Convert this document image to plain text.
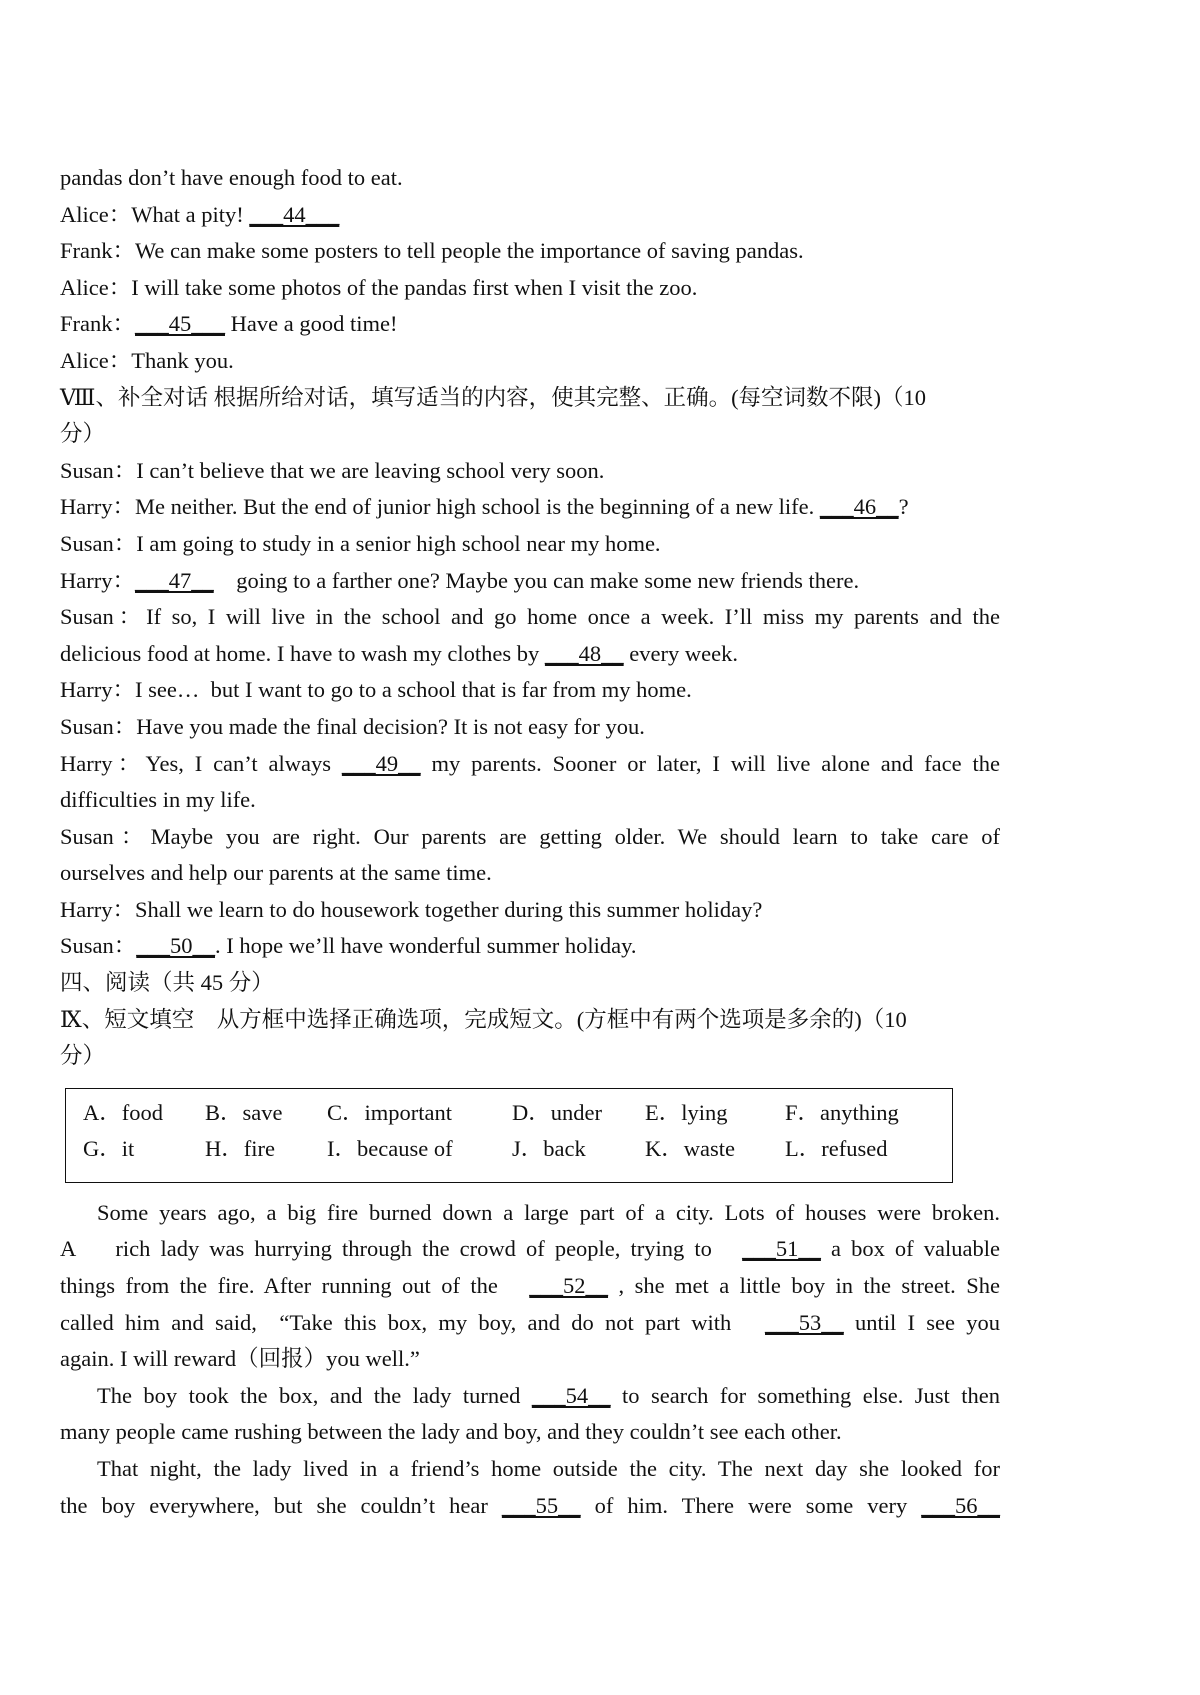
pandas don’t have enough food to eat.
Alice：What a pity! ___44___
Frank：We can make some posters to tell people the importance of saving pandas.
Alice：I will take some photos of the pandas first when I visit the zoo.
Frank：___45___ Have a good time!
Alice：Thank you.
Ⅷ、补全对话 根据所给对话，填写适当的内容，使其完整、正确。(每空词数不限)（10
分）
Susan：I can’t believe that we are leaving school very soon.
Harry：Me neither. But the end of junior high school is the beginning of a new life. ___46__?
Susan：I am going to study in a senior high school near my home.
Harry：___47__    going to a farther one? Maybe you can make some new friends there.
Susan：If so, I will live in the school and go home once a week. I’ll miss my parents and the
delicious food at home. I have to wash my clothes by ___48__ every week.
Harry：I see…  but I want to go to a school that is far from my home.
Susan：Have you made the final decision? It is not easy for you.
Harry：Yes, I can’t always ___49__ my parents. Sooner or later, I will live alone and face the
difficulties in my life.
Susan：Maybe you are right. Our parents are getting older. We should learn to take care of
ourselves and help our parents at the same time.
Harry：Shall we learn to do housework together during this summer holiday?
Susan：___50__. I hope we’ll have wonderful summer holiday.
四、阅读（共 45 分）
Ⅸ、短文填空    从方框中选择正确选项，完成短文。(方框中有两个选项是多余的)（10
分）
A．food	B．save	C．important	D．under	E．lying	F．anything
G．it	H．fire	I．because of	J．back	K．waste	L．refused
Some years ago, a big fire burned down a large part of a city. Lots of houses were broken.
A    rich lady was hurrying through the crowd of people, trying to   ___51__ a box of valuable
things from the fire. After running out of the   ___52__ , she met a little boy in the street. She
called him and said,  “Take this box, my boy, and do not part with   ___53__ until I see you
again. I will reward（回报）you well.”
The boy took the box, and the lady turned ___54__ to search for something else. Just then
many people came rushing between the lady and boy, and they couldn’t see each other.
That night, the lady lived in a friend’s home outside the city. The next day she looked for
the boy everywhere, but she couldn’t hear ___55__ of him. There were some very ___56__
